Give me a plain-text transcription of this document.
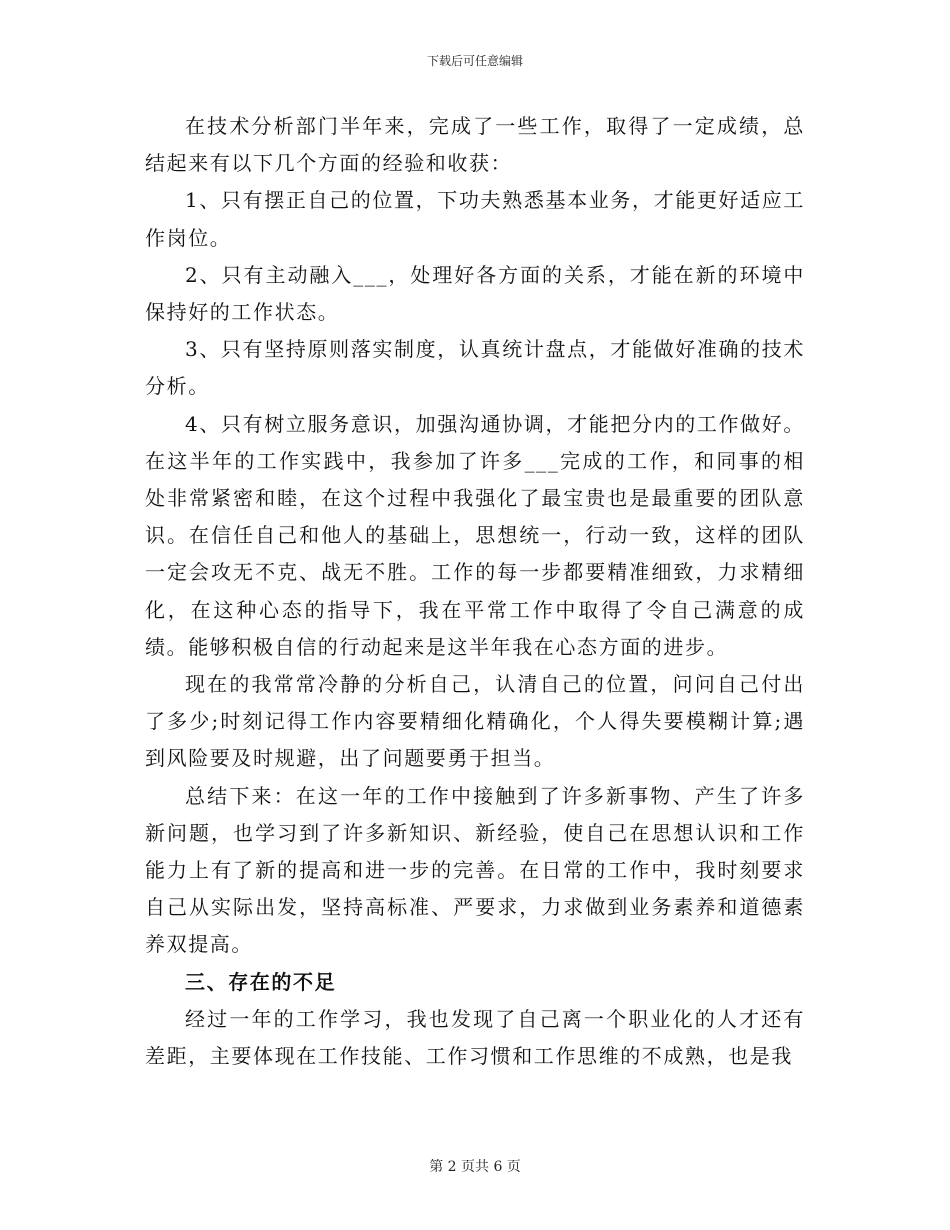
下载后可任意编辑

在技术分析部门半年来，完成了一些工作，取得了一定成绩，总结起来有以下几个方面的经验和收获：

1、只有摆正自己的位置，下功夫熟悉基本业务，才能更好适应工作岗位。

2、只有主动融入___，处理好各方面的关系，才能在新的环境中保持好的工作状态。

3、只有坚持原则落实制度，认真统计盘点，才能做好准确的技术分析。

4、只有树立服务意识，加强沟通协调，才能把分内的工作做好。在这半年的工作实践中，我参加了许多___完成的工作，和同事的相处非常紧密和睦，在这个过程中我强化了最宝贵也是最重要的团队意识。在信任自己和他人的基础上，思想统一，行动一致，这样的团队一定会攻无不克、战无不胜。工作的每一步都要精准细致，力求精细化，在这种心态的指导下，我在平常工作中取得了令自己满意的成绩。能够积极自信的行动起来是这半年我在心态方面的进步。

现在的我常常冷静的分析自己，认清自己的位置，问问自己付出了多少;时刻记得工作内容要精细化精确化，个人得失要模糊计算;遇到风险要及时规避，出了问题要勇于担当。

总结下来：在这一年的工作中接触到了许多新事物、产生了许多新问题，也学习到了许多新知识、新经验，使自己在思想认识和工作能力上有了新的提高和进一步的完善。在日常的工作中，我时刻要求自己从实际出发，坚持高标准、严要求，力求做到业务素养和道德素养双提高。

三、存在的不足

经过一年的工作学习，我也发现了自己离一个职业化的人才还有差距，主要体现在工作技能、工作习惯和工作思维的不成熟，也是我

第 2 页共 6 页
